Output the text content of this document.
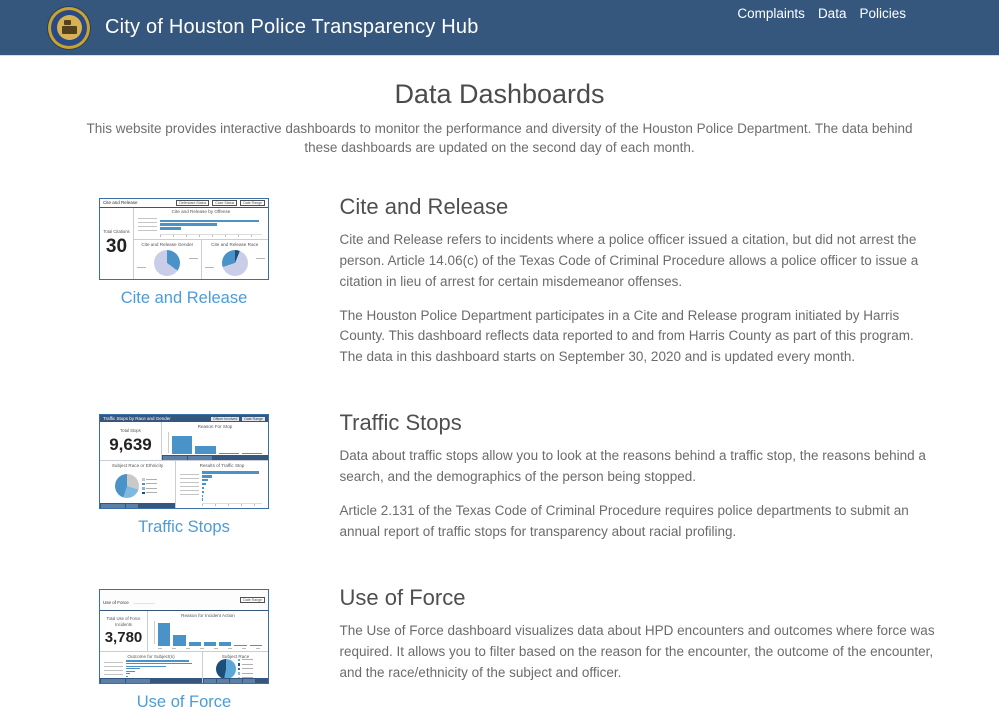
City of Houston Police Transparency Hub
Complaints Data Policies
Data Dashboards

This website provides interactive dashboards to monitor the performance and diversity of the Houston Police Department. The data behind these dashboards are updated on the second day of each month.

Cite and Release	Defendant Status	Case Status	Date Range
Total Citations
30
Cite and Release by Offense
Cite and Release Gender	Cite and Release Race
Cite and Release
Cite and Release

Cite and Release refers to incidents where a police officer issued a citation, but did not arrest the person. Article 14.06(c) of the Texas Code of Criminal Procedure allows a police officer to issue a citation in lieu of arrest for certain misdemeanor offenses.

The Houston Police Department participates in a Cite and Release program initiated by Harris County. This dashboard reflects data reported to and from Harris County as part of this program. The data in this dashboard starts on September 30, 2020 and is updated every month.

Traffic Stops by Race and Gender	Officer Involved	Date Range
Total Stops
9,639
Reason For Stop
Subject Race or Ethnicity	Results of Traffic Stop
Traffic Stops
Traffic Stops

Data about traffic stops allow you to look at the reasons behind a traffic stop, the reasons behind a search, and the demographics of the person being stopped.

Article 2.131 of the Texas Code of Criminal Procedure requires police departments to submit an annual report of traffic stops for transparency about racial profiling.

Use of Force ──────────
Date Range
Total Use of Force Incidents
3,780
Reason for Incident Action
Outcome for Subject(s)	Subject Race
Use of Force
Use of Force

The Use of Force dashboard visualizes data about HPD encounters and outcomes where force was required. It allows you to filter based on the reason for the encounter, the outcome of the encounter, and the race/ethnicity of the subject and officer.
